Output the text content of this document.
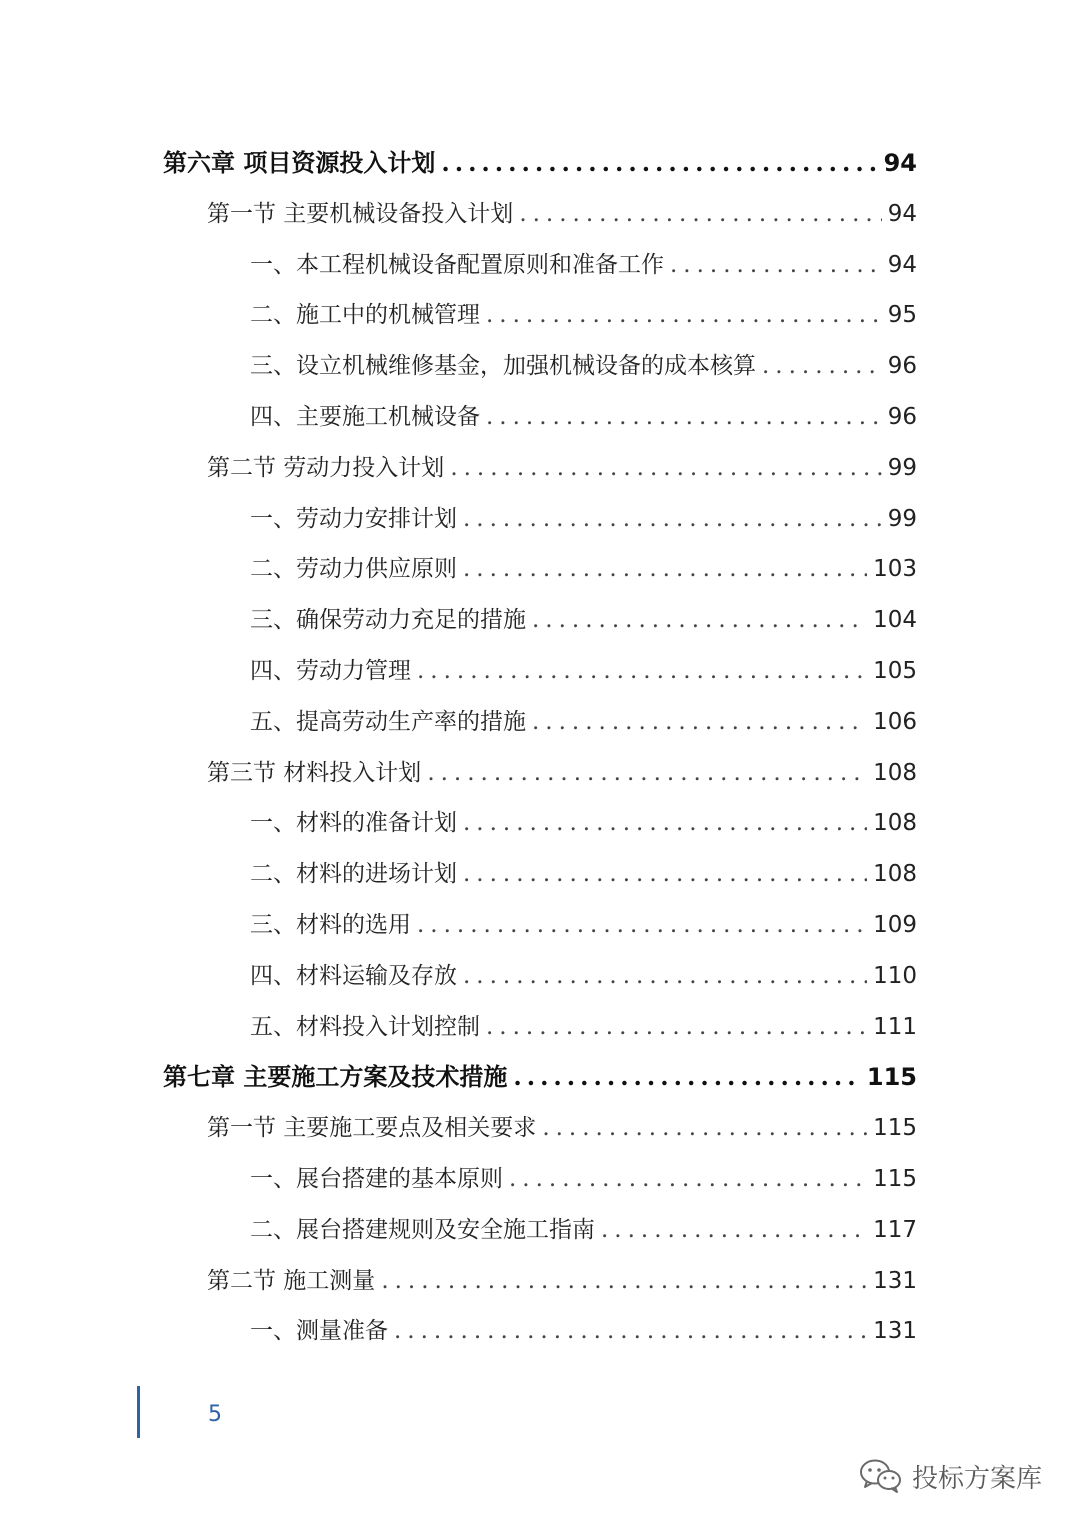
第六章 项目资源投入计划 .....	94
第一节 主要机械设备投入计划 .....	94
一、本工程机械设备配置原则和准备工作 .....	94
二、施工中的机械管理 .....	95
三、设立机械维修基金，加强机械设备的成本核算 .....	96
四、主要施工机械设备 .....	96
第二节 劳动力投入计划 .....	99
一、劳动力安排计划 .....	99
二、劳动力供应原则 .....	103
三、确保劳动力充足的措施 .....	104
四、劳动力管理 .....	105
五、提高劳动生产率的措施 .....	106
第三节 材料投入计划 .....	108
一、材料的准备计划 .....	108
二、材料的进场计划 .....	108
三、材料的选用 .....	109
四、材料运输及存放 .....	110
五、材料投入计划控制 .....	111
第七章 主要施工方案及技术措施 .....	115
第一节 主要施工要点及相关要求 .....	115
一、展台搭建的基本原则 .....	115
二、展台搭建规则及安全施工指南 .....	117
第二节 施工测量 .....	131
一、测量准备 .....	131
5
投标方案库
